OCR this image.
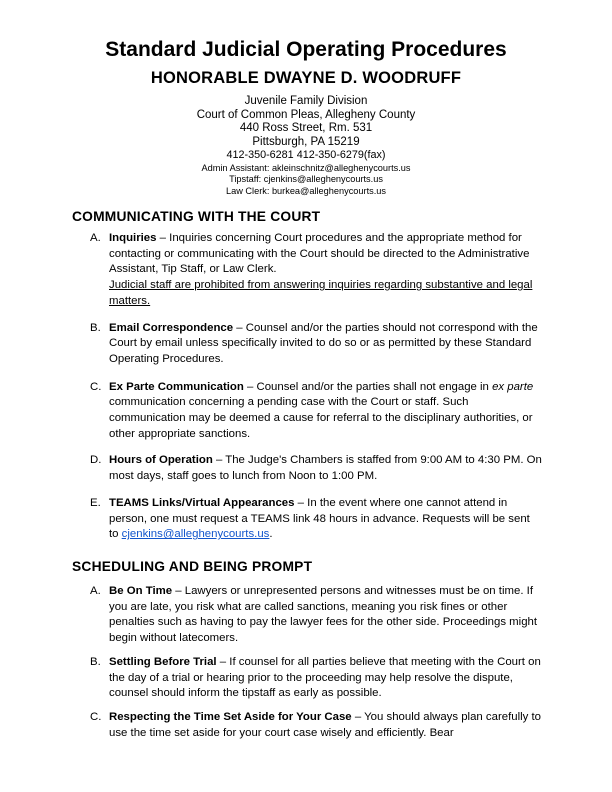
Standard Judicial Operating Procedures
HONORABLE DWAYNE D. WOODRUFF
Juvenile Family Division
Court of Common Pleas, Allegheny County
440 Ross Street, Rm. 531
Pittsburgh, PA 15219
412-350-6281 412-350-6279(fax)
Admin Assistant: akleinschnitz@alleghenycourts.us
Tipstaff: cjenkins@alleghenycourts.us
Law Clerk: burkea@alleghenycourts.us
COMMUNICATING WITH THE COURT
A. Inquiries – Inquiries concerning Court procedures and the appropriate method for contacting or communicating with the Court should be directed to the Administrative Assistant, Tip Staff, or Law Clerk.
Judicial staff are prohibited from answering inquiries regarding substantive and legal matters.
B. Email Correspondence – Counsel and/or the parties should not correspond with the Court by email unless specifically invited to do so or as permitted by these Standard Operating Procedures.
C. Ex Parte Communication – Counsel and/or the parties shall not engage in ex parte communication concerning a pending case with the Court or staff. Such communication may be deemed a cause for referral to the disciplinary authorities, or other appropriate sanctions.
D. Hours of Operation – The Judge's Chambers is staffed from 9:00 AM to 4:30 PM. On most days, staff goes to lunch from Noon to 1:00 PM.
E. TEAMS Links/Virtual Appearances – In the event where one cannot attend in person, one must request a TEAMS link 48 hours in advance. Requests will be sent to cjenkins@alleghenycourts.us.
SCHEDULING AND BEING PROMPT
A. Be On Time – Lawyers or unrepresented persons and witnesses must be on time. If you are late, you risk what are called sanctions, meaning you risk fines or other penalties such as having to pay the lawyer fees for the other side. Proceedings might begin without latecomers.
B. Settling Before Trial – If counsel for all parties believe that meeting with the Court on the day of a trial or hearing prior to the proceeding may help resolve the dispute, counsel should inform the tipstaff as early as possible.
C. Respecting the Time Set Aside for Your Case – You should always plan carefully to use the time set aside for your court case wisely and efficiently. Bear
